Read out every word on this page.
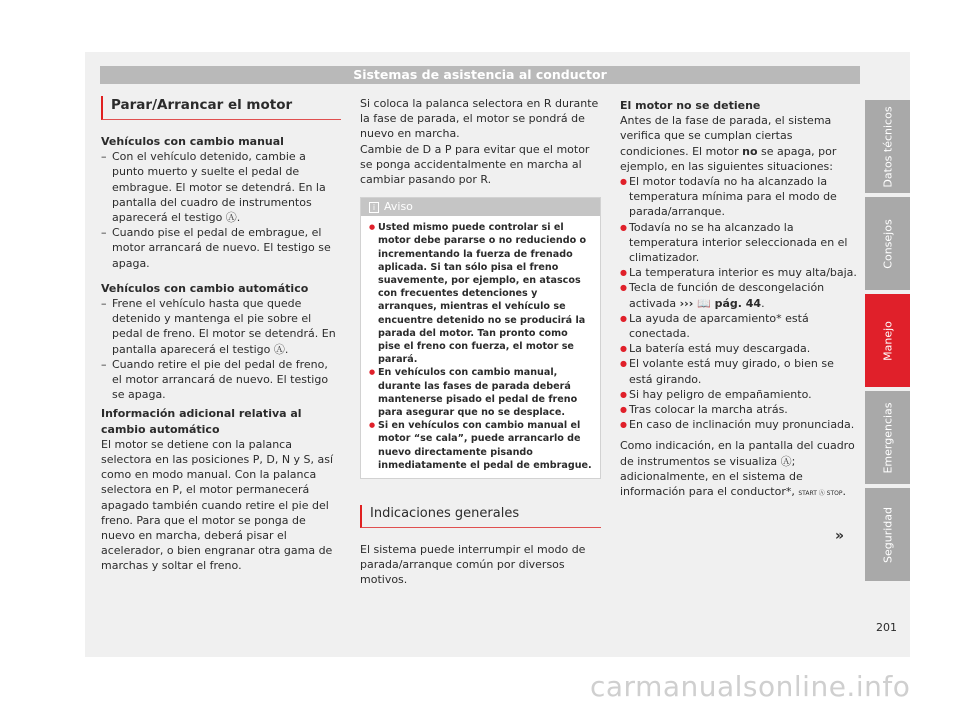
Sistemas de asistencia al conductor
Parar/Arrancar el motor

Vehículos con cambio manual

– Con el vehículo detenido, cambie a punto muerto y suelte el pedal de embrague. El motor se detendrá. En la pantalla del cuadro de instrumentos aparecerá el testigo Ⓐ.

– Cuando pise el pedal de embrague, el motor arrancará de nuevo. El testigo se apaga.

Vehículos con cambio automático

– Frene el vehículo hasta que quede detenido y mantenga el pie sobre el pedal de freno. El motor se detendrá. En pantalla aparecerá el testigo Ⓐ.

– Cuando retire el pie del pedal de freno, el motor arrancará de nuevo. El testigo se apaga.

Información adicional relativa al cambio automático

El motor se detiene con la palanca selectora en las posiciones P, D, N y S, así como en modo manual. Con la palanca selectora en P, el motor permanecerá apagado también cuando retire el pie del freno. Para que el motor se ponga de nuevo en marcha, deberá pisar el acelerador, o bien engranar otra gama de marchas y soltar el freno.

Si coloca la palanca selectora en R durante la fase de parada, el motor se pondrá de nuevo en marcha.

Cambie de D a P para evitar que el motor se ponga accidentalmente en marcha al cambiar pasando por R.

i Aviso

● Usted mismo puede controlar si el motor debe pararse o no reduciendo o incrementando la fuerza de frenado aplicada. Si tan sólo pisa el freno suavemente, por ejemplo, en atascos con frecuentes detenciones y arranques, mientras el vehículo se encuentre detenido no se producirá la parada del motor. Tan pronto como pise el freno con fuerza, el motor se parará.

● En vehículos con cambio manual, durante las fases de parada deberá mantenerse pisado el pedal de freno para asegurar que no se desplace.

● Si en vehículos con cambio manual el motor “se cala”, puede arrancarlo de nuevo directamente pisando inmediatamente el pedal de embrague.

Indicaciones generales

El sistema puede interrumpir el modo de parada/arranque común por diversos motivos.

El motor no se detiene

Antes de la fase de parada, el sistema verifica que se cumplan ciertas condiciones. El motor no se apaga, por ejemplo, en las siguientes situaciones:

● El motor todavía no ha alcanzado la temperatura mínima para el modo de parada/arranque.

● Todavía no se ha alcanzado la temperatura interior seleccionada en el climatizador.

● La temperatura interior es muy alta/baja.

● Tecla de función de descongelación activada ››› 📖 pág. 44.

● La ayuda de aparcamiento* está conectada.

● La batería está muy descargada.

● El volante está muy girado, o bien se está girando.

● Si hay peligro de empañamiento.

● Tras colocar la marcha atrás.

● En caso de inclinación muy pronunciada.

Como indicación, en la pantalla del cuadro de instrumentos se visualiza Ⓐ; adicionalmente, en el sistema de información para el conductor*, START Ⓐ STOP.

»
Datos técnicos
Consejos
Manejo
Emergencias
Seguridad
201
carmanualsonline.info
